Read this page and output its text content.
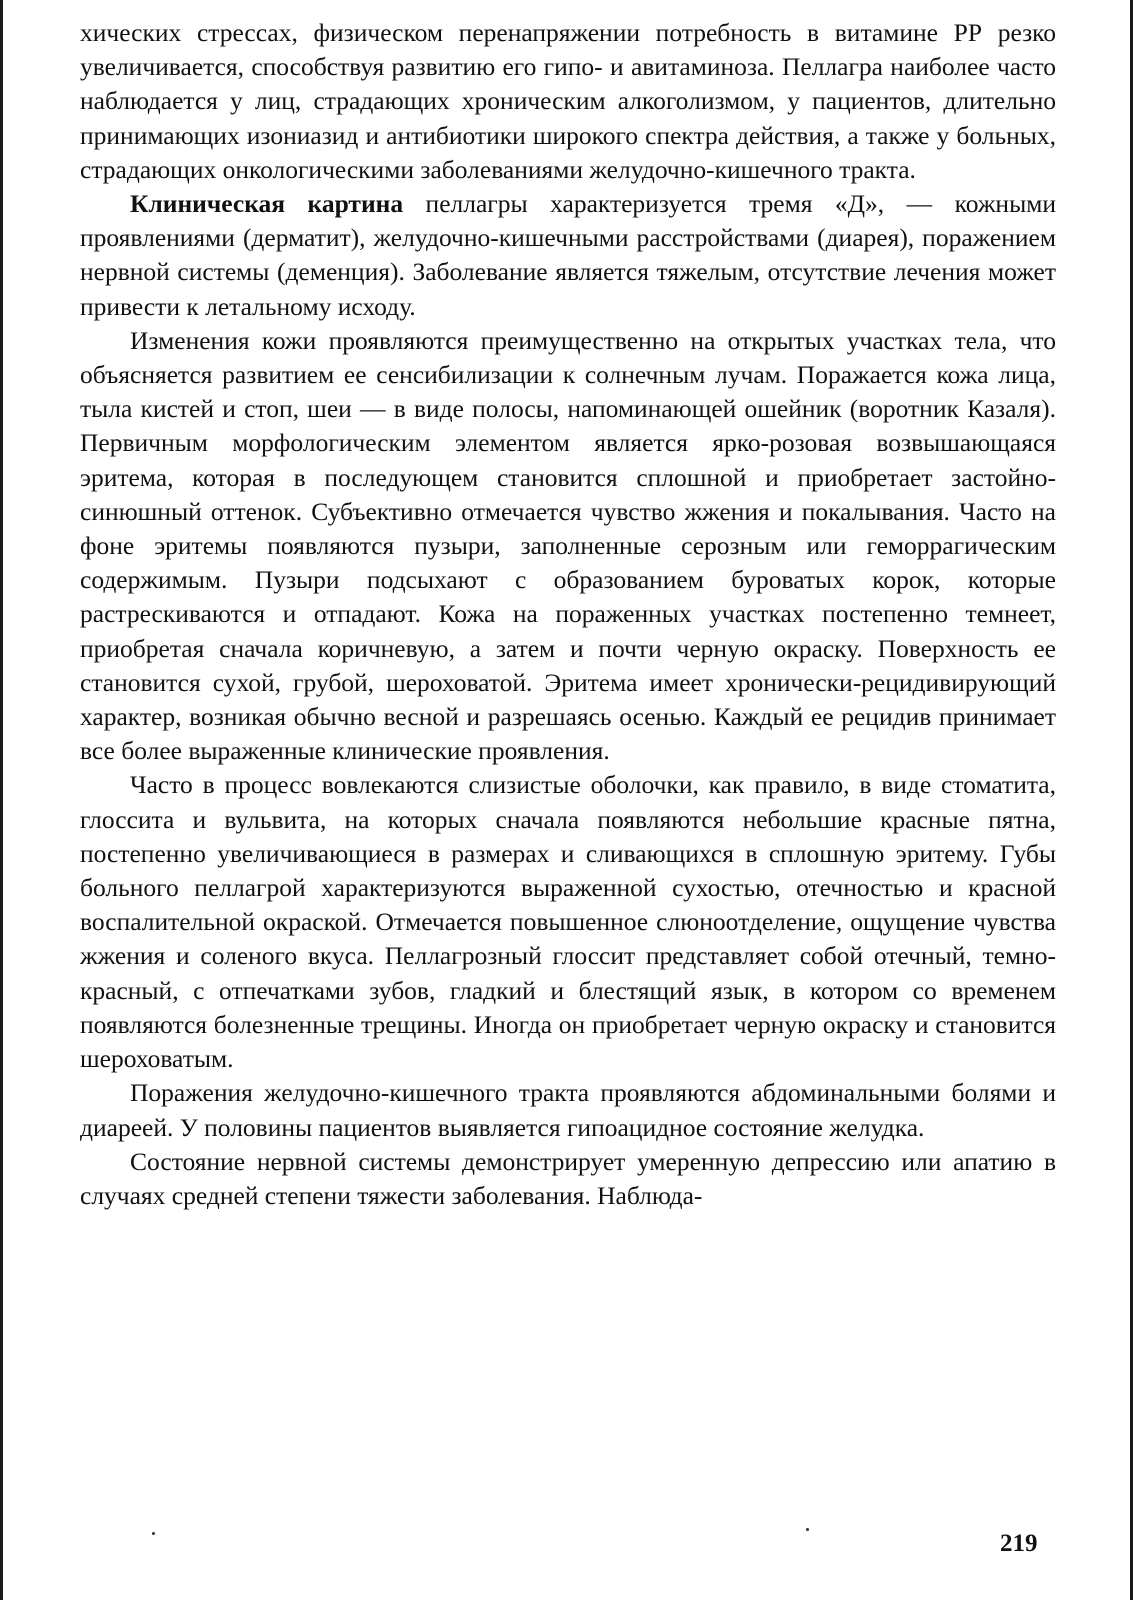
хических стрессах, физическом перенапряжении потребность в витамине РР резко увеличивается, способствуя развитию его гипо- и авитаминоза. Пеллагра наиболее часто наблюдается у лиц, страдающих хроническим алкоголизмом, у пациентов, длительно принимающих изониазид и антибиотики широкого спектра действия, а также у больных, страдающих онкологическими заболеваниями желудочно-кишечного тракта.

Клиническая картина пеллагры характеризуется тремя «Д», — кожными проявлениями (дерматит), желудочно-кишечными расстройствами (диарея), поражением нервной системы (деменция). Заболевание является тяжелым, отсутствие лечения может привести к летальному исходу.

Изменения кожи проявляются преимущественно на открытых участках тела, что объясняется развитием ее сенсибилизации к солнечным лучам. Поражается кожа лица, тыла кистей и стоп, шеи — в виде полосы, напоминающей ошейник (воротник Казаля). Первичным морфологическим элементом является ярко-розовая возвышающаяся эритема, которая в последующем становится сплошной и приобретает застойно-синюшный оттенок. Субъективно отмечается чувство жжения и покалывания. Часто на фоне эритемы появляются пузыри, заполненные серозным или геморрагическим содержимым. Пузыри подсыхают с образованием буроватых корок, которые растрескиваются и отпадают. Кожа на пораженных участках постепенно темнеет, приобретая сначала коричневую, а затем и почти черную окраску. Поверхность ее становится сухой, грубой, шероховатой. Эритема имеет хронически-рецидивирующий характер, возникая обычно весной и разрешаясь осенью. Каждый ее рецидив принимает все более выраженные клинические проявления.

Часто в процесс вовлекаются слизистые оболочки, как правило, в виде стоматита, глоссита и вульвита, на которых сначала появляются небольшие красные пятна, постепенно увеличивающиеся в размерах и сливающихся в сплошную эритему. Губы больного пеллагрой характеризуются выраженной сухостью, отечностью и красной воспалительной окраской. Отмечается повышенное слюноотделение, ощущение чувства жжения и соленого вкуса. Пеллагрозный глоссит представляет собой отечный, темно-красный, с отпечатками зубов, гладкий и блестящий язык, в котором со временем появляются болезненные трещины. Иногда он приобретает черную окраску и становится шероховатым.

Поражения желудочно-кишечного тракта проявляются абдоминальными болями и диареей. У половины пациентов выявляется гипоацидное состояние желудка.

Состояние нервной системы демонстрирует умеренную депрессию или апатию в случаях средней степени тяжести заболевания. Наблюда-

219
